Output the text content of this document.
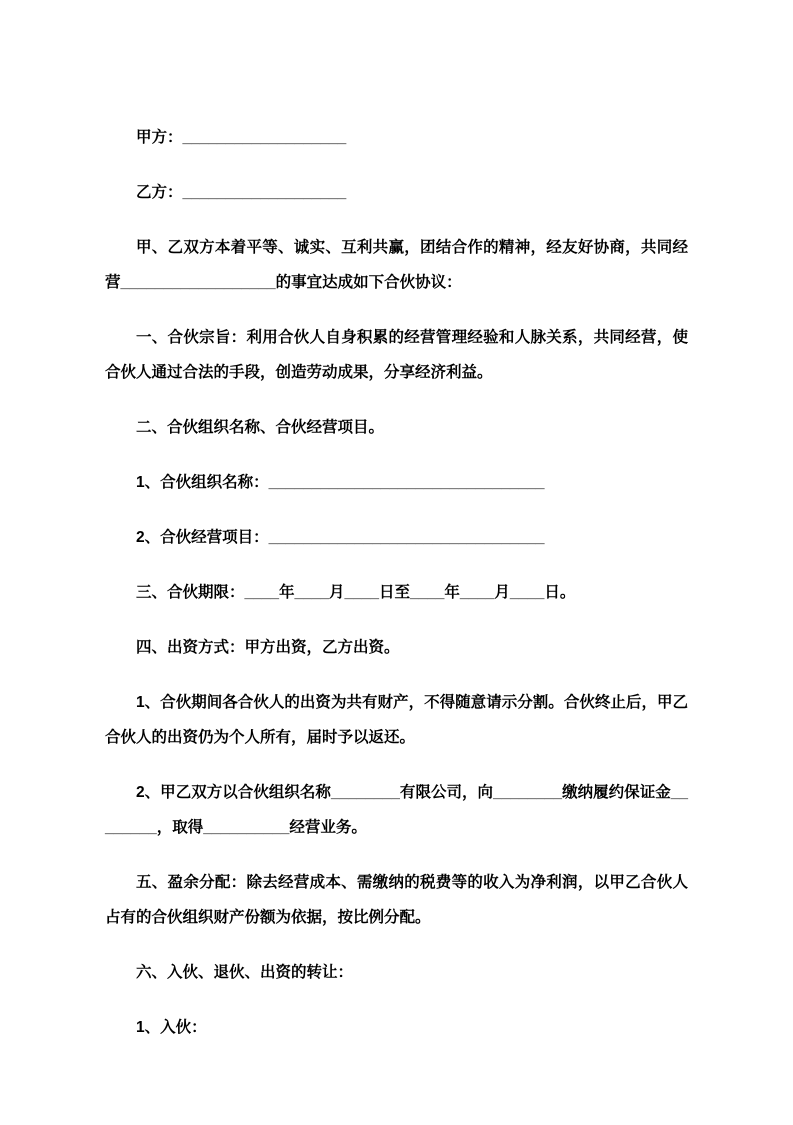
甲方：___________________

乙方：___________________

甲、乙双方本着平等、诚实、互利共赢，团结合作的精神，经友好协商，共同经营__________________的事宜达成如下合伙协议：

一、合伙宗旨：利用合伙人自身积累的经营管理经验和人脉关系，共同经营，使合伙人通过合法的手段，创造劳动成果，分享经济利益。

二、合伙组织名称、合伙经营项目。

1、合伙组织名称：________________________________

2、合伙经营项目：________________________________

三、合伙期限：____年____月____日至____年____月____日。

四、出资方式：甲方出资，乙方出资。

1、合伙期间各合伙人的出资为共有财产，不得随意请示分割。合伙终止后，甲乙合伙人的出资仍为个人所有，届时予以返还。

2、甲乙双方以合伙组织名称________有限公司，向________缴纳履约保证金________，取得__________经营业务。

五、盈余分配：除去经营成本、需缴纳的税费等的收入为净利润，以甲乙合伙人占有的合伙组织财产份额为依据，按比例分配。

六、入伙、退伙、出资的转让：

1、入伙：
